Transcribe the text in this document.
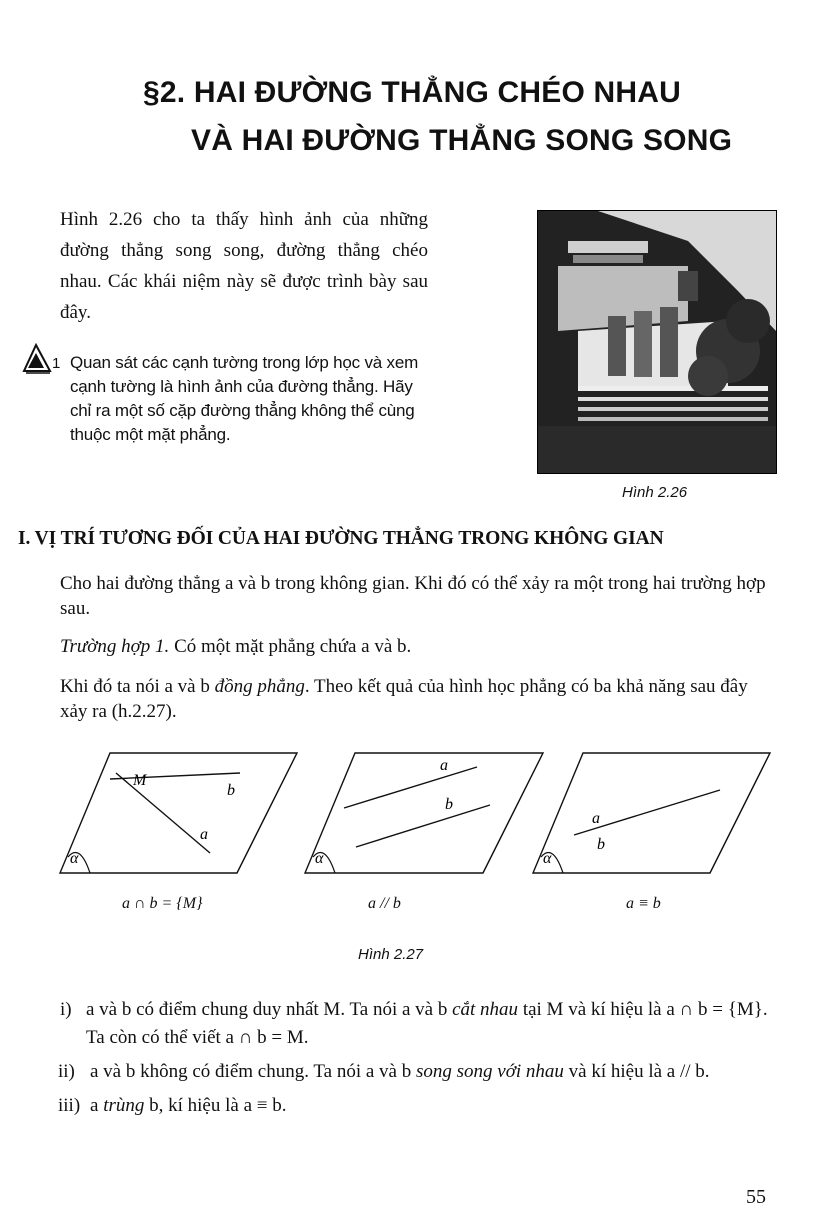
§2. HAI ĐƯỜNG THẲNG CHÉO NHAU
VÀ HAI ĐƯỜNG THẲNG SONG SONG
Hình 2.26 cho ta thấy hình ảnh của những đường thẳng song song, đường thẳng chéo nhau. Các khái niệm này sẽ được trình bày sau đây.
1 Quan sát các cạnh tường trong lớp học và xem cạnh tường là hình ảnh của đường thẳng. Hãy chỉ ra một số cặp đường thẳng không thể cùng thuộc một mặt phẳng.
Hình 2.26
I. VỊ TRÍ TƯƠNG ĐỐI CỦA HAI ĐƯỜNG THẲNG TRONG KHÔNG GIAN
Cho hai đường thẳng a và b trong không gian. Khi đó có thể xảy ra một trong hai trường hợp sau.
Trường hợp 1. Có một mặt phẳng chứa a và b.
Khi đó ta nói a và b đồng phẳng. Theo kết quả của hình học phẳng có ba khả năng sau đây xảy ra (h.2.27).
α
M
b
a
α
a
b
α
a
b
a ∩ b = {M}	a // b	a ≡ b
Hình 2.27
i) a và b có điểm chung duy nhất M. Ta nói a và b cắt nhau tại M và kí hiệu là a ∩ b = {M}. Ta còn có thể viết a ∩ b = M.
ii) a và b không có điểm chung. Ta nói a và b song song với nhau và kí hiệu là a // b.
iii) a trùng b, kí hiệu là a ≡ b.
55
